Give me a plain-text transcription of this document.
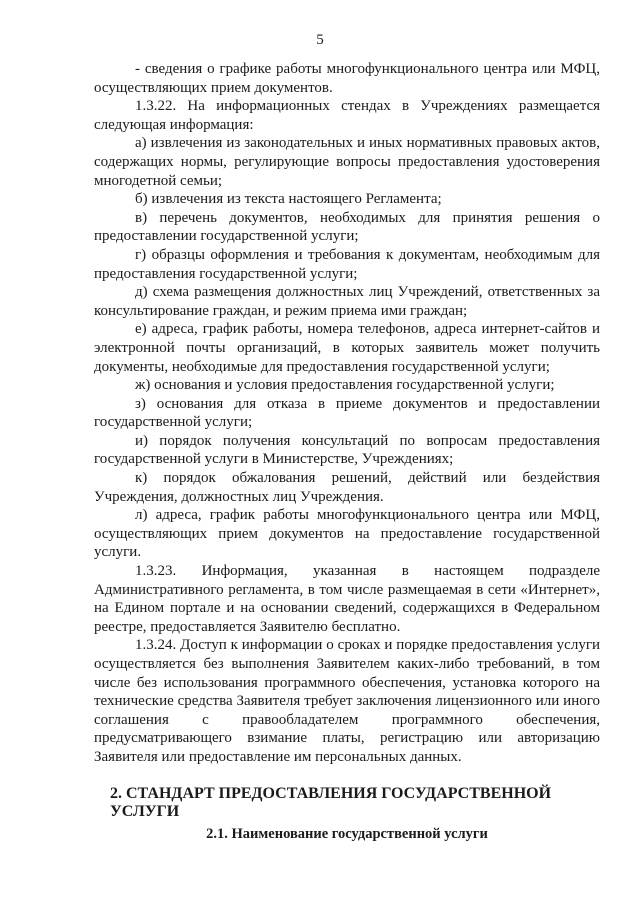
5

- сведения о графике работы многофункционального центра или МФЦ, осуществляющих прием документов.

1.3.22. На информационных стендах в Учреждениях размещается следующая информация:

а) извлечения из законодательных и иных нормативных правовых актов, содержащих нормы, регулирующие вопросы предоставления удостоверения многодетной семьи;

б) извлечения из текста настоящего Регламента;

в) перечень документов, необходимых для принятия решения о предоставлении государственной услуги;

г) образцы оформления и требования к документам, необходимым для предоставления государственной услуги;

д) схема размещения должностных лиц Учреждений, ответственных за консультирование граждан, и режим приема ими граждан;

е) адреса, график работы, номера телефонов, адреса интернет-сайтов и электронной почты организаций, в которых заявитель может получить документы, необходимые для предоставления государственной услуги;

ж) основания и условия предоставления государственной услуги;

з) основания для отказа в приеме документов и предоставлении государственной услуги;

и) порядок получения консультаций по вопросам предоставления государственной услуги в Министерстве, Учреждениях;

к) порядок обжалования решений, действий или бездействия Учреждения, должностных лиц Учреждения.

л) адреса, график работы многофункционального центра или МФЦ, осуществляющих прием документов на предоставление государственной услуги.

1.3.23. Информация, указанная в настоящем подразделе Административного регламента, в том числе размещаемая в сети «Интернет», на Едином портале и на основании сведений, содержащихся в Федеральном реестре, предоставляется Заявителю бесплатно.

1.3.24. Доступ к информации о сроках и порядке предоставления услуги осуществляется без выполнения Заявителем каких-либо требований, в том числе без использования программного обеспечения, установка которого на технические средства Заявителя требует заключения лицензионного или иного соглашения с правообладателем программного обеспечения, предусматривающего взимание платы, регистрацию или авторизацию Заявителя или предоставление им персональных данных.

2. СТАНДАРТ ПРЕДОСТАВЛЕНИЯ ГОСУДАРСТВЕННОЙ УСЛУГИ
2.1. Наименование государственной услуги
